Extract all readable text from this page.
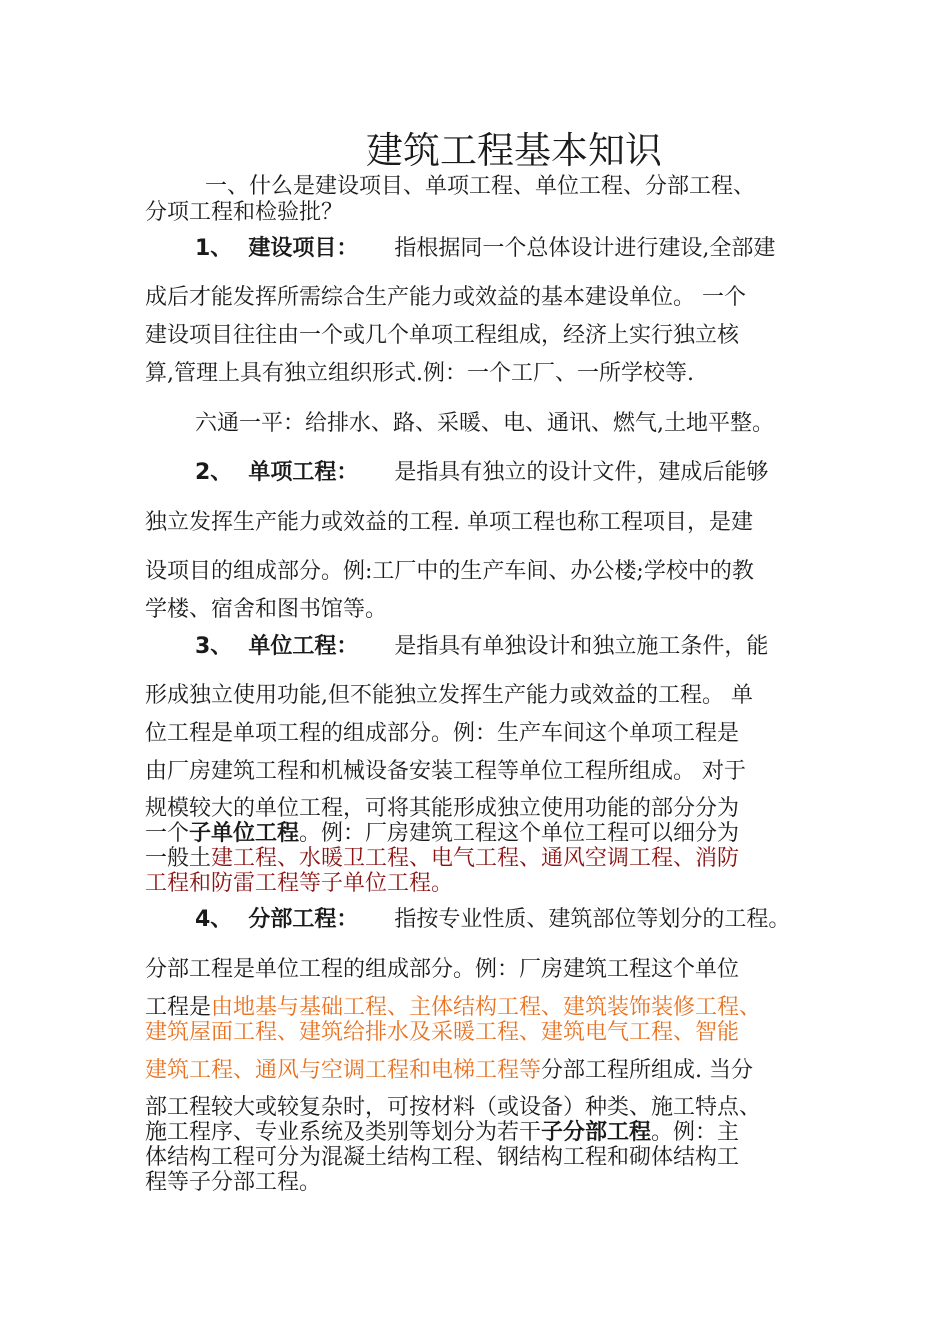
建筑工程基本知识
一、什么是建设项目、单项工程、单位工程、分部工程、
分项工程和检验批？
1、 建设项目： 指根据同一个总体设计进行建设,全部建
成后才能发挥所需综合生产能力或效益的基本建设单位。 一个
建设项目往往由一个或几个单项工程组成，经济上实行独立核
算,管理上具有独立组织形式.例：一个工厂、一所学校等.
六通一平：给排水、路、采暖、电、通讯、燃气,土地平整。
2、 单项工程： 是指具有独立的设计文件，建成后能够
独立发挥生产能力或效益的工程. 单项工程也称工程项目，是建
设项目的组成部分。例:工厂中的生产车间、办公楼;学校中的教
学楼、宿舍和图书馆等。
3、 单位工程： 是指具有单独设计和独立施工条件，能
形成独立使用功能,但不能独立发挥生产能力或效益的工程。 单
位工程是单项工程的组成部分。例：生产车间这个单项工程是
由厂房建筑工程和机械设备安装工程等单位工程所组成。 对于
规模较大的单位工程，可将其能形成独立使用功能的部分分为
一个子单位工程。例：厂房建筑工程这个单位工程可以细分为
一般土建工程、水暖卫工程、电气工程、通风空调工程、消防
工程和防雷工程等子单位工程。
4、 分部工程： 指按专业性质、建筑部位等划分的工程。
分部工程是单位工程的组成部分。例：厂房建筑工程这个单位
工程是由地基与基础工程、主体结构工程、建筑装饰装修工程、
建筑屋面工程、建筑给排水及采暖工程、建筑电气工程、智能
建筑工程、通风与空调工程和电梯工程等分部工程所组成. 当分
部工程较大或较复杂时，可按材料（或设备）种类、施工特点、
施工程序、专业系统及类别等划分为若干子分部工程。例：主
体结构工程可分为混凝土结构工程、钢结构工程和砌体结构工
程等子分部工程。
